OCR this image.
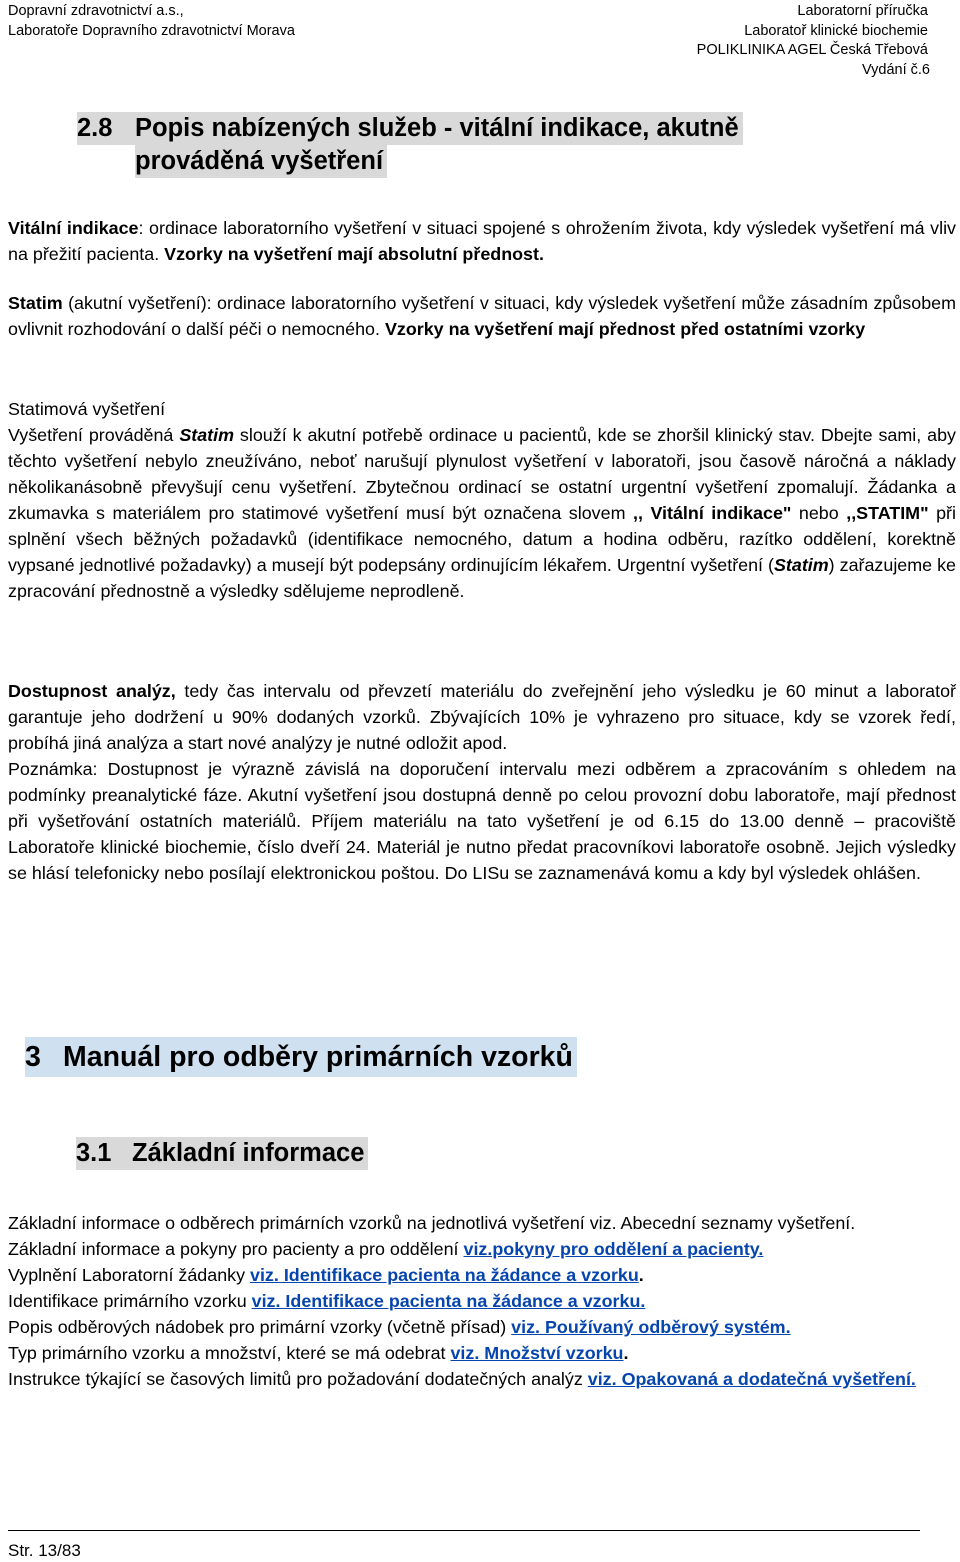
Dopravní zdravotnictví a.s.,
Laboratoře Dopravního zdravotnictví Morava
Laboratorní příručka
Laboratoř klinické biochemie
POLIKLINIKA AGEL Česká Třebová
Vydání č.6
2.8 Popis nabízených služeb - vitální indikace, akutně
prováděná vyšetření

Vitální indikace: ordinace laboratorního vyšetření v situaci spojené s ohrožením života, kdy výsledek vyšetření má vliv na přežití pacienta. Vzorky na vyšetření mají absolutní přednost.

Statim (akutní vyšetření): ordinace laboratorního vyšetření v situaci, kdy výsledek vyšetření může zásadním způsobem ovlivnit rozhodování o další péči o nemocného. Vzorky na vyšetření mají přednost před ostatními vzorky

Statimová vyšetření

Vyšetření prováděná Statim slouží k akutní potřebě ordinace u pacientů, kde se zhoršil klinický stav. Dbejte sami, aby těchto vyšetření nebylo zneužíváno, neboť narušují plynulost vyšetření v laboratoři, jsou časově náročná a náklady několikanásobně převyšují cenu vyšetření. Zbytečnou ordinací se ostatní urgentní vyšetření zpomalují. Žádanka a zkumavka s materiálem pro statimové vyšetření musí být označena slovem ,, Vitální indikace" nebo ,,STATIM" při splnění všech běžných požadavků (identifikace nemocného, datum a hodina odběru, razítko oddělení, korektně vypsané jednotlivé požadavky) a musejí být podepsány ordinujícím lékařem. Urgentní vyšetření (Statim) zařazujeme ke zpracování přednostně a výsledky sdělujeme neprodleně.

Dostupnost analýz, tedy čas intervalu od převzetí materiálu do zveřejnění jeho výsledku je 60 minut a laboratoř garantuje jeho dodržení u 90% dodaných vzorků. Zbývajících 10% je vyhrazeno pro situace, kdy se vzorek ředí, probíhá jiná analýza a start nové analýzy je nutné odložit apod.

Poznámka: Dostupnost je výrazně závislá na doporučení intervalu mezi odběrem a zpracováním s ohledem na podmínky preanalytické fáze. Akutní vyšetření jsou dostupná denně po celou provozní dobu laboratoře, mají přednost při vyšetřování ostatních materiálů. Příjem materiálu na tato vyšetření je od 6.15 do 13.00 denně – pracoviště Laboratoře klinické biochemie, číslo dveří 24. Materiál je nutno předat pracovníkovi laboratoře osobně. Jejich výsledky se hlásí telefonicky nebo posílají elektronickou poštou. Do LISu se zaznamenává komu a kdy byl výsledek ohlášen.

3 Manuál pro odběry primárních vzorků
3.1 Základní informace

Základní informace o odběrech primárních vzorků na jednotlivá vyšetření viz. Abecední seznamy vyšetření.

Základní informace a pokyny pro pacienty a pro oddělení viz.pokyny pro oddělení a pacienty.

Vyplnění Laboratorní žádanky viz. Identifikace pacienta na žádance a vzorku.

Identifikace primárního vzorku viz. Identifikace pacienta na žádance a vzorku.

Popis odběrových nádobek pro primární vzorky (včetně přísad) viz. Používaný odběrový systém.

Typ primárního vzorku a množství, které se má odebrat viz. Množství vzorku.

Instrukce týkající se časových limitů pro požadování dodatečných analýz viz. Opakovaná a dodatečná vyšetření.

Str. 13/83
